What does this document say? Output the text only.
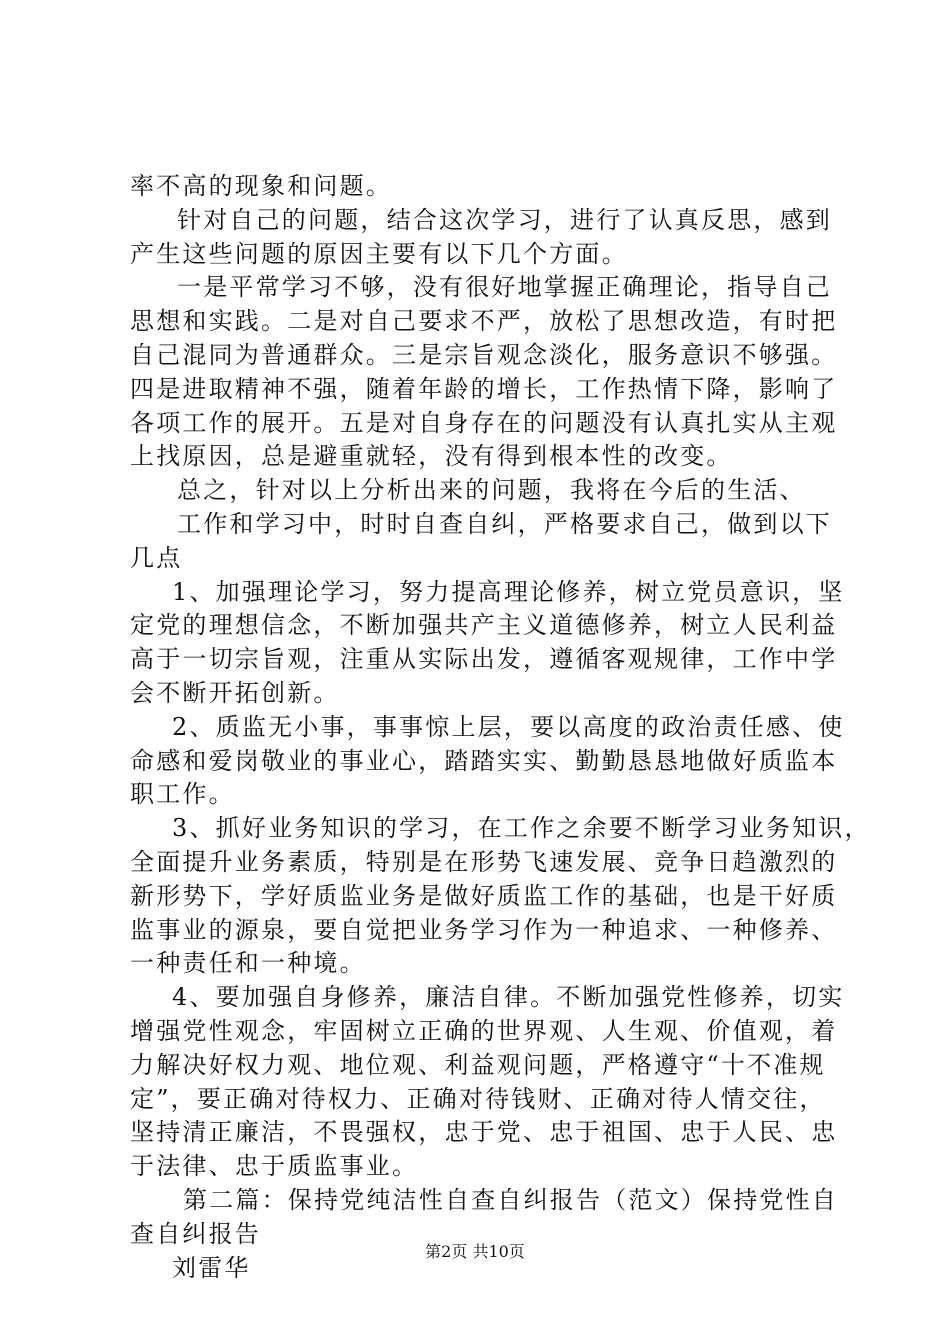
率不高的现象和问题。
针对自己的问题，结合这次学习，进行了认真反思，感到
产生这些问题的原因主要有以下几个方面。
一是平常学习不够，没有很好地掌握正确理论，指导自己
思想和实践。二是对自己要求不严，放松了思想改造，有时把
自己混同为普通群众。三是宗旨观念淡化，服务意识不够强。
四是进取精神不强，随着年龄的增长，工作热情下降，影响了
各项工作的展开。五是对自身存在的问题没有认真扎实从主观
上找原因，总是避重就轻，没有得到根本性的改变。
总之，针对以上分析出来的问题，我将在今后的生活、
工作和学习中，时时自查自纠，严格要求自己，做到以下
几点
1、加强理论学习，努力提高理论修养，树立党员意识，坚
定党的理想信念，不断加强共产主义道德修养，树立人民利益
高于一切宗旨观，注重从实际出发，遵循客观规律，工作中学
会不断开拓创新。
2、质监无小事，事事惊上层，要以高度的政治责任感、使
命感和爱岗敬业的事业心，踏踏实实、勤勤恳恳地做好质监本
职工作。
3、抓好业务知识的学习，在工作之余要不断学习业务知识，
全面提升业务素质，特别是在形势飞速发展、竞争日趋激烈的
新形势下，学好质监业务是做好质监工作的基础，也是干好质
监事业的源泉，要自觉把业务学习作为一种追求、一种修养、
一种责任和一种境。
4、要加强自身修养，廉洁自律。不断加强党性修养，切实
增强党性观念，牢固树立正确的世界观、人生观、价值观，着
力解决好权力观、地位观、利益观问题，严格遵守“十不准规
定”，要正确对待权力、正确对待钱财、正确对待人情交往，
坚持清正廉洁，不畏强权，忠于党、忠于祖国、忠于人民、忠
于法律、忠于质监事业。
第二篇：保持党纯洁性自查自纠报告（范文）保持党性自
查自纠报告
刘雷华
第2页 共10页
